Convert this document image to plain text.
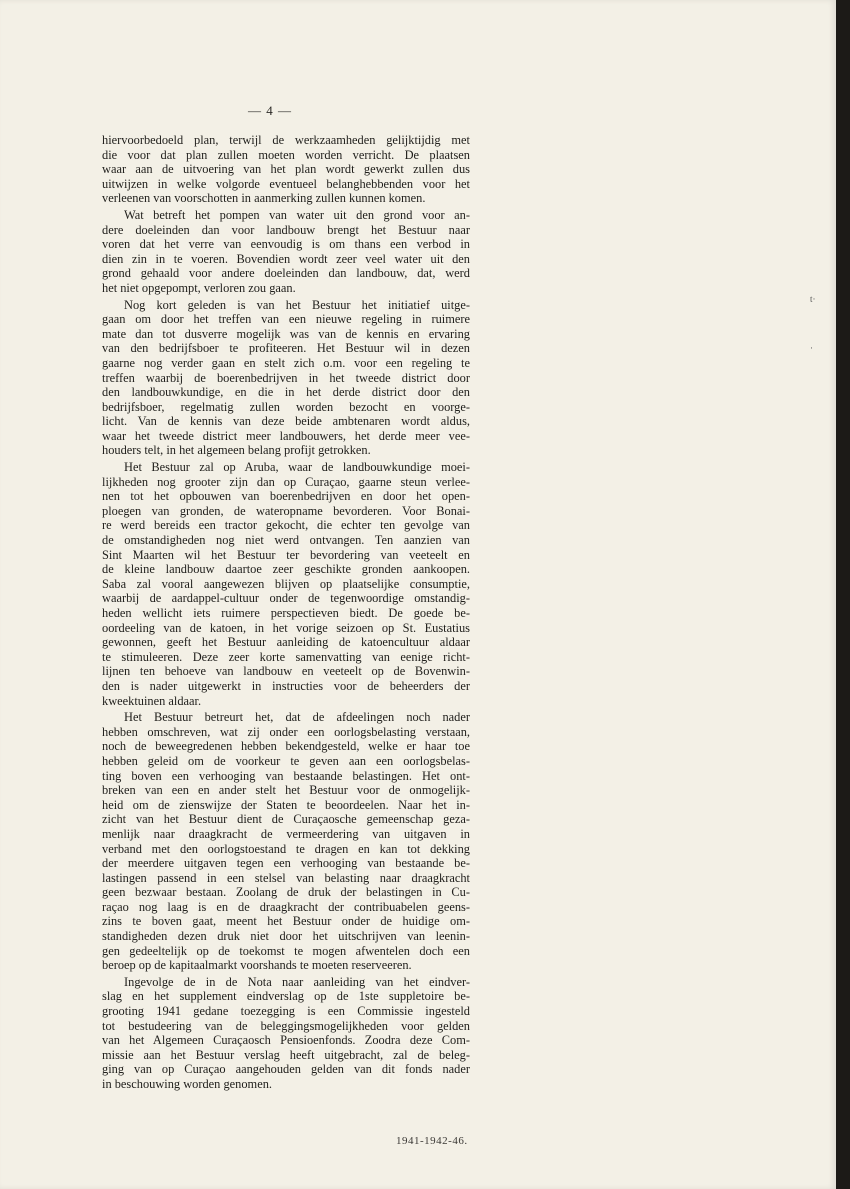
— 4 —
hiervoorbedoeld plan, terwijl de werkzaamheden gelijktijdig met
die voor dat plan zullen moeten worden verricht. De plaatsen
waar aan de uitvoering van het plan wordt gewerkt zullen dus
uitwijzen in welke volgorde eventueel belanghebbenden voor het
verleenen van voorschotten in aanmerking zullen kunnen komen.
Wat betreft het pompen van water uit den grond voor an-
dere doeleinden dan voor landbouw brengt het Bestuur naar
voren dat het verre van eenvoudig is om thans een verbod in
dien zin in te voeren. Bovendien wordt zeer veel water uit den
grond gehaald voor andere doeleinden dan landbouw, dat, werd
het niet opgepompt, verloren zou gaan.
Nog kort geleden is van het Bestuur het initiatief uitge-
gaan om door het treffen van een nieuwe regeling in ruimere
mate dan tot dusverre mogelijk was van de kennis en ervaring
van den bedrijfsboer te profiteeren. Het Bestuur wil in dezen
gaarne nog verder gaan en stelt zich o.m. voor een regeling te
treffen waarbij de boerenbedrijven in het tweede district door
den landbouwkundige, en die in het derde district door den
bedrijfsboer, regelmatig zullen worden bezocht en voorge-
licht. Van de kennis van deze beide ambtenaren wordt aldus,
waar het tweede district meer landbouwers, het derde meer vee-
houders telt, in het algemeen belang profijt getrokken.
Het Bestuur zal op Aruba, waar de landbouwkundige moei-
lijkheden nog grooter zijn dan op Curaçao, gaarne steun verlee-
nen tot het opbouwen van boerenbedrijven en door het open-
ploegen van gronden, de wateropname bevorderen. Voor Bonai-
re werd bereids een tractor gekocht, die echter ten gevolge van
de omstandigheden nog niet werd ontvangen. Ten aanzien van
Sint Maarten wil het Bestuur ter bevordering van veeteelt en
de kleine landbouw daartoe zeer geschikte gronden aankoopen.
Saba zal vooral aangewezen blijven op plaatselijke consumptie,
waarbij de aardappel-cultuur onder de tegenwoordige omstandig-
heden wellicht iets ruimere perspectieven biedt. De goede be-
oordeeling van de katoen, in het vorige seizoen op St. Eustatius
gewonnen, geeft het Bestuur aanleiding de katoencultuur aldaar
te stimuleeren. Deze zeer korte samenvatting van eenige richt-
lijnen ten behoeve van landbouw en veeteelt op de Bovenwin-
den is nader uitgewerkt in instructies voor de beheerders der
kweektuinen aldaar.
Het Bestuur betreurt het, dat de afdeelingen noch nader
hebben omschreven, wat zij onder een oorlogsbelasting verstaan,
noch de beweegredenen hebben bekendgesteld, welke er haar toe
hebben geleid om de voorkeur te geven aan een oorlogsbelas-
ting boven een verhooging van bestaande belastingen. Het ont-
breken van een en ander stelt het Bestuur voor de onmogelijk-
heid om de zienswijze der Staten te beoordeelen. Naar het in-
zicht van het Bestuur dient de Curaçaosche gemeenschap geza-
menlijk naar draagkracht de vermeerdering van uitgaven in
verband met den oorlogstoestand te dragen en kan tot dekking
der meerdere uitgaven tegen een verhooging van bestaande be-
lastingen passend in een stelsel van belasting naar draagkracht
geen bezwaar bestaan. Zoolang de druk der belastingen in Cu-
raçao nog laag is en de draagkracht der contribuabelen geens-
zins te boven gaat, meent het Bestuur onder de huidige om-
standigheden dezen druk niet door het uitschrijven van leenin-
gen gedeeltelijk op de toekomst te mogen afwentelen doch een
beroep op de kapitaalmarkt voorshands te moeten reserveeren.
Ingevolge de in de Nota naar aanleiding van het eindver-
slag en het supplement eindverslag op de 1ste suppletoire be-
grooting 1941 gedane toezegging is een Commissie ingesteld
tot bestudeering van de beleggingsmogelijkheden voor gelden
van het Algemeen Curaçaosch Pensioenfonds. Zoodra deze Com-
missie aan het Bestuur verslag heeft uitgebracht, zal de beleg-
ging van op Curaçao aangehouden gelden van dit fonds nader
in beschouwing worden genomen.
t·
·
1941-1942-46.
